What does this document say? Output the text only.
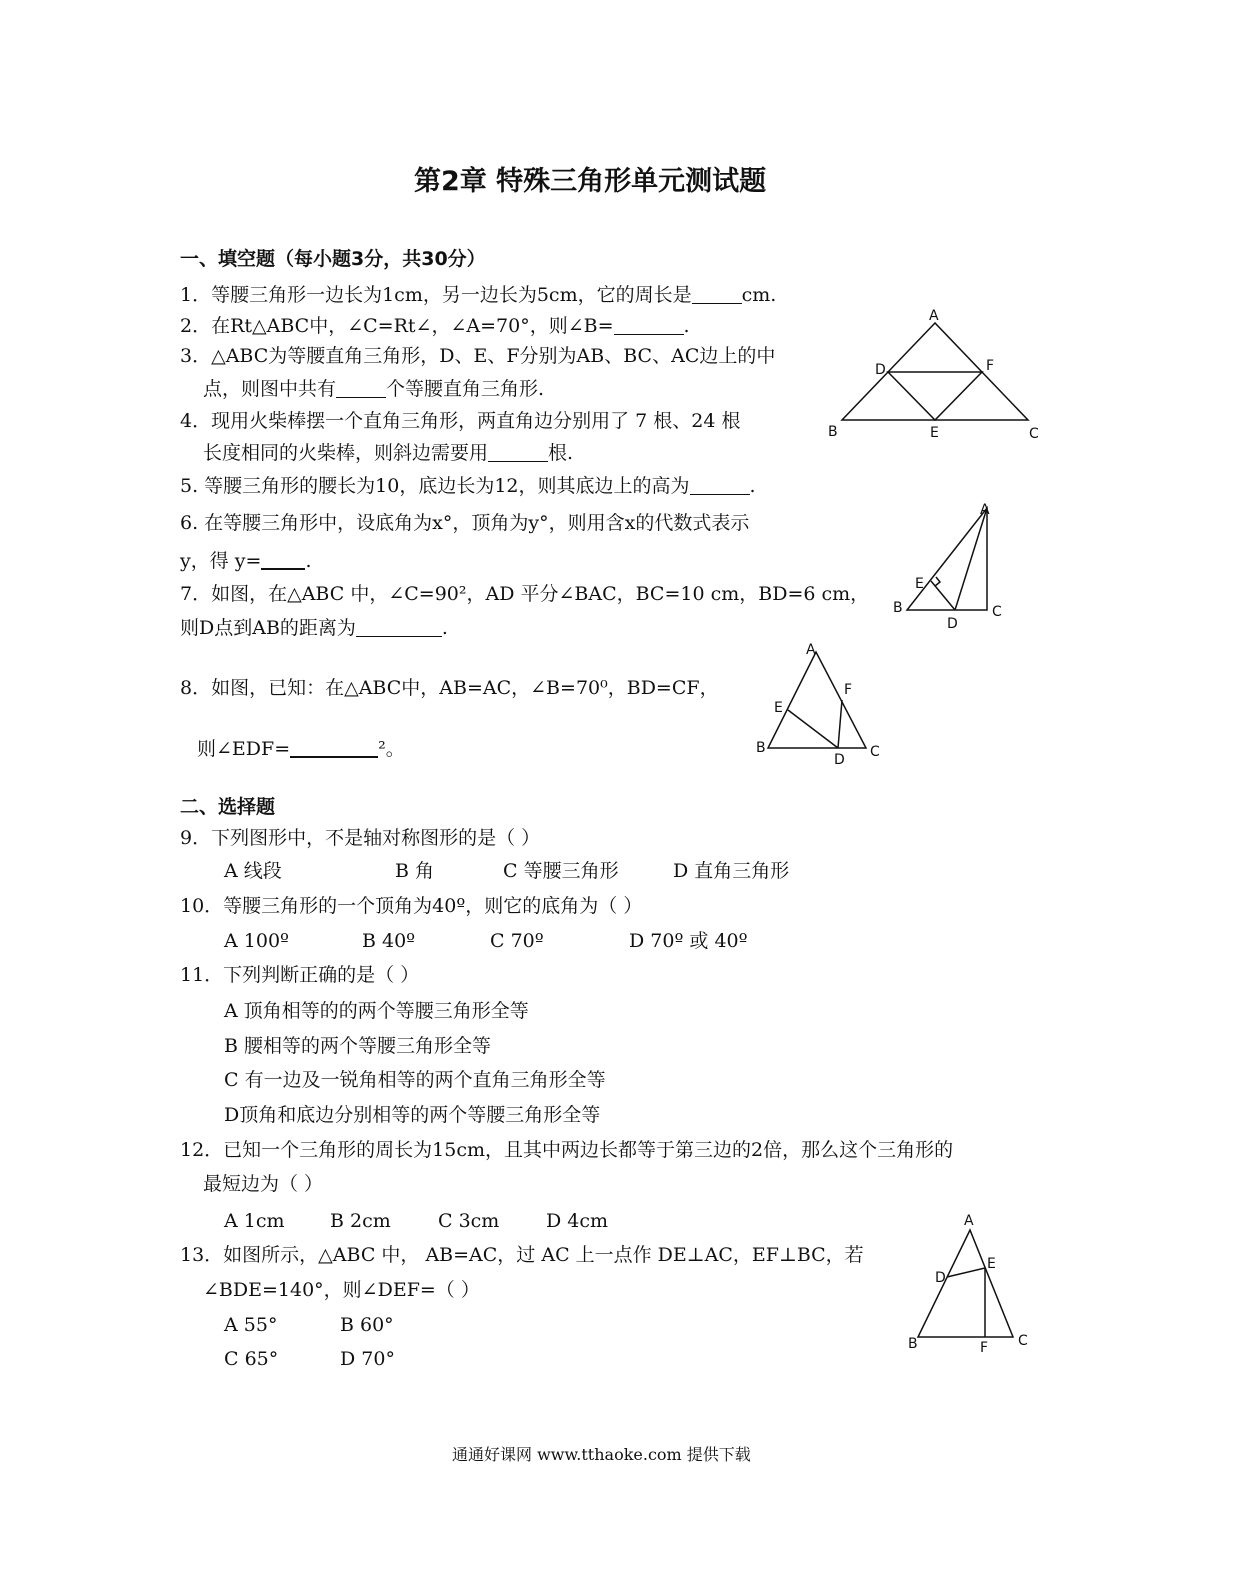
第2章 特殊三角形单元测试题
一、填空题（每小题3分，共30分）
1．等腰三角形一边长为1cm，另一边长为5cm，它的周长是	cm.
2．在Rt△ABC中，∠C=Rt∠，∠A=70°，则∠B=	.
3．△ABC为等腰直角三角形，D、E、F分别为AB、BC、AC边上的中
点，则图中共有	个等腰直角三角形.
4．现用火柴棒摆一个直角三角形，两直角边分别用了 7 根、24 根
长度相同的火柴棒，则斜边需要用	根.
5. 等腰三角形的腰长为10，底边长为12，则其底边上的高为	.
6. 在等腰三角形中，设底角为x°，顶角为y°，则用含x的代数式表示
y，得 y= .
7．如图，在△ABC 中，∠C=90²，AD 平分∠BAC，BC=10 cm，BD=6 cm，
则D点到AB的距离为	.
8．如图，已知：在△ABC中，AB=AC，∠B=70⁰，BD=CF，
则∠EDF=	²。
二、选择题
9．下列图形中，不是轴对称图形的是（ ）
A 线段	B 角	C 等腰三角形	D 直角三角形
10．等腰三角形的一个顶角为40º，则它的底角为（ ）
A 100º	B 40º	C 70º	D 70º 或 40º
11．下列判断正确的是（ ）
A 顶角相等的的两个等腰三角形全等
B 腰相等的两个等腰三角形全等
C 有一边及一锐角相等的两个直角三角形全等
D顶角和底边分别相等的两个等腰三角形全等
12．已知一个三角形的周长为15cm，且其中两边长都等于第三边的2倍，那么这个三角形的
最短边为（ ）
A 1cm B 2cm C 3cm D 4cm
13．如图所示，△ABC 中， AB=AC，过 AC 上一点作 DE⊥AC，EF⊥BC，若
∠BDE=140°，则∠DEF=（ ）
A 55°	B 60°
C 65°	D 70°
A
B	C
D
E
F
A
B	C
D
E
A
B	C
D
E
F
A
B	C
D
E
F
通通好课网 www.tthaoke.com 提供下载
